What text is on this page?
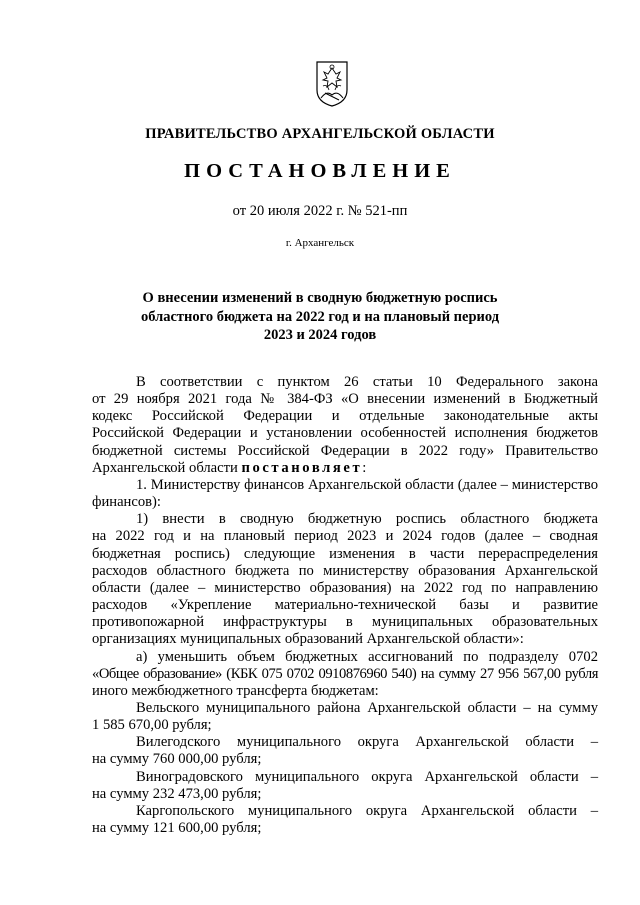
ПРАВИТЕЛЬСТВО АРХАНГЕЛЬСКОЙ ОБЛАСТИ
ПОСТАНОВЛЕНИЕ
от 20 июля 2022 г. № 521-пп
г. Архангельск
О внесении изменений в сводную бюджетную роспись
областного бюджета на 2022 год и на плановый период
2023 и 2024 годов
В соответствии с пунктом 26 статьи 10 Федерального закона
от 29 ноября 2021 года № 384-ФЗ «О внесении изменений в Бюджетный
кодекс Российской Федерации и отдельные законодательные акты
Российской Федерации и установлении особенностей исполнения бюджетов
бюджетной системы Российской Федерации в 2022 году» Правительство
Архангельской области постановляет:
1. Министерству финансов Архангельской области (далее – министерство
финансов):
1) внести в сводную бюджетную роспись областного бюджета
на 2022 год и на плановый период 2023 и 2024 годов (далее – сводная
бюджетная роспись) следующие изменения в части перераспределения
расходов областного бюджета по министерству образования Архангельской
области (далее – министерство образования) на 2022 год по направлению
расходов «Укрепление материально-технической базы и развитие
противопожарной инфраструктуры в муниципальных образовательных
организациях муниципальных образований Архангельской области»:
а) уменьшить объем бюджетных ассигнований по подразделу 0702
«Общее образование» (КБК 075 0702 0910876960 540) на сумму 27 956 567,00 рубля
иного межбюджетного трансферта бюджетам:
Вельского муниципального района Архангельской области – на сумму
1 585 670,00 рубля;
Вилегодского муниципального округа Архангельской области –
на сумму 760 000,00 рубля;
Виноградовского муниципального округа Архангельской области –
на сумму 232 473,00 рубля;
Каргопольского муниципального округа Архангельской области –
на сумму 121 600,00 рубля;
